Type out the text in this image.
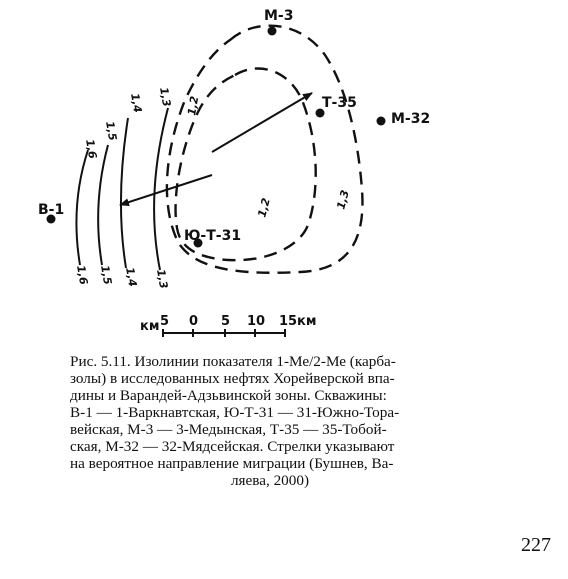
М-3
Т-35
М-32
В-1
Ю-Т-31
1,6
1,5
1,4 1,3 1,2
1,6 1,5 1,4 1,3
1,2	1,3
км 5 0 5 10 15 км
Рис. 5.11. Изолинии показателя 1-Ме/2-Ме (карба-
золы) в исследованных нефтях Хорейверской впа-
дины и Варандей-Адзьвинской зоны. Скважины:
В-1 — 1-Варкнавтская, Ю-Т-31 — 31-Южно-Тора-
вейская, М-3 — 3-Медынская, Т-35 — 35-Тобой-
ская, М-32 — 32-Мядсейская. Стрелки указывают
на вероятное направление миграции (Бушнев, Ва-
ляева, 2000)
227
